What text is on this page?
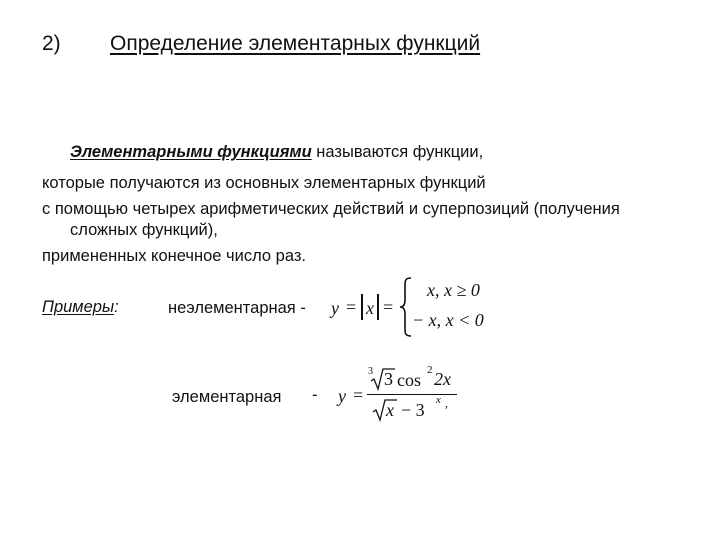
2) Определение элементарных функций
Элементарными функциями называются функции,
которые получаются из основных элементарных функций
с помощью четырех арифметических действий и суперпозиций (получения
сложных функций),
примененных конечное число раз.
Примеры:	неэлементарная - y = x =
x, x ≥ 0
− x, x < 0
элементарная - y =
3 3 cos 2 2x
x − 3 x ,
